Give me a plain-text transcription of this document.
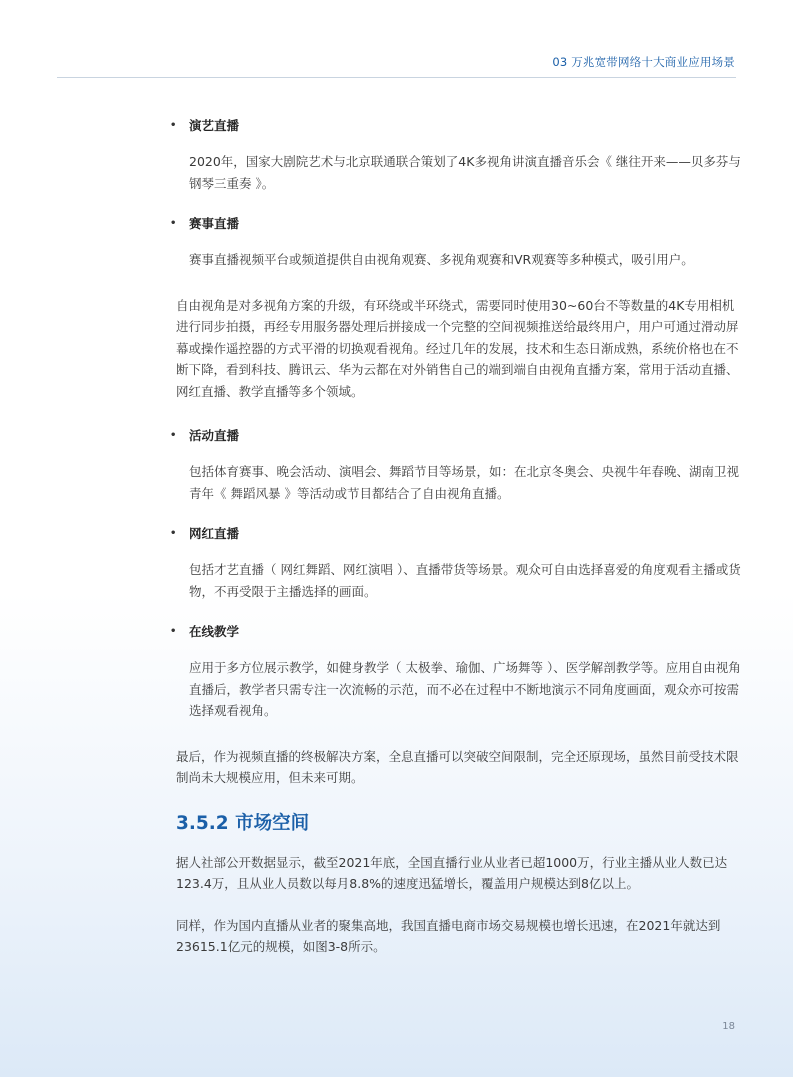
03 万兆宽带网络十大商业应用场景

• 演艺直播

2020年，国家大剧院艺术与北京联通联合策划了4K多视角讲演直播音乐会《 继往开来——贝多芬与钢琴三重奏 》。

• 赛事直播

赛事直播视频平台或频道提供自由视角观赛、多视角观赛和VR观赛等多种模式，吸引用户。

自由视角是对多视角方案的升级，有环绕或半环绕式，需要同时使用30~60台不等数量的4K专用相机进行同步拍摄，再经专用服务器处理后拼接成一个完整的空间视频推送给最终用户，用户可通过滑动屏幕或操作遥控器的方式平滑的切换观看视角。经过几年的发展，技术和生态日渐成熟，系统价格也在不断下降，看到科技、腾讯云、华为云都在对外销售自己的端到端自由视角直播方案，常用于活动直播、网红直播、教学直播等多个领域。

• 活动直播

包括体育赛事、晚会活动、演唱会、舞蹈节目等场景，如：在北京冬奥会、央视牛年春晚、湖南卫视青年《 舞蹈风暴 》等活动或节目都结合了自由视角直播。

• 网红直播

包括才艺直播（ 网红舞蹈、网红演唱 ）、直播带货等场景。观众可自由选择喜爱的角度观看主播或货物，不再受限于主播选择的画面。

• 在线教学

应用于多方位展示教学，如健身教学（ 太极拳、瑜伽、广场舞等 ）、医学解剖教学等。应用自由视角直播后，教学者只需专注一次流畅的示范，而不必在过程中不断地演示不同角度画面，观众亦可按需选择观看视角。

最后，作为视频直播的终极解决方案，全息直播可以突破空间限制，完全还原现场，虽然目前受技术限制尚未大规模应用，但未来可期。

3.5.2 市场空间

据人社部公开数据显示，截至2021年底，全国直播行业从业者已超1000万，行业主播从业人数已达123.4万，且从业人员数以每月8.8%的速度迅猛增长，覆盖用户规模达到8亿以上。

同样，作为国内直播从业者的聚集高地，我国直播电商市场交易规模也增长迅速，在2021年就达到23615.1亿元的规模，如图3-8所示。

18
